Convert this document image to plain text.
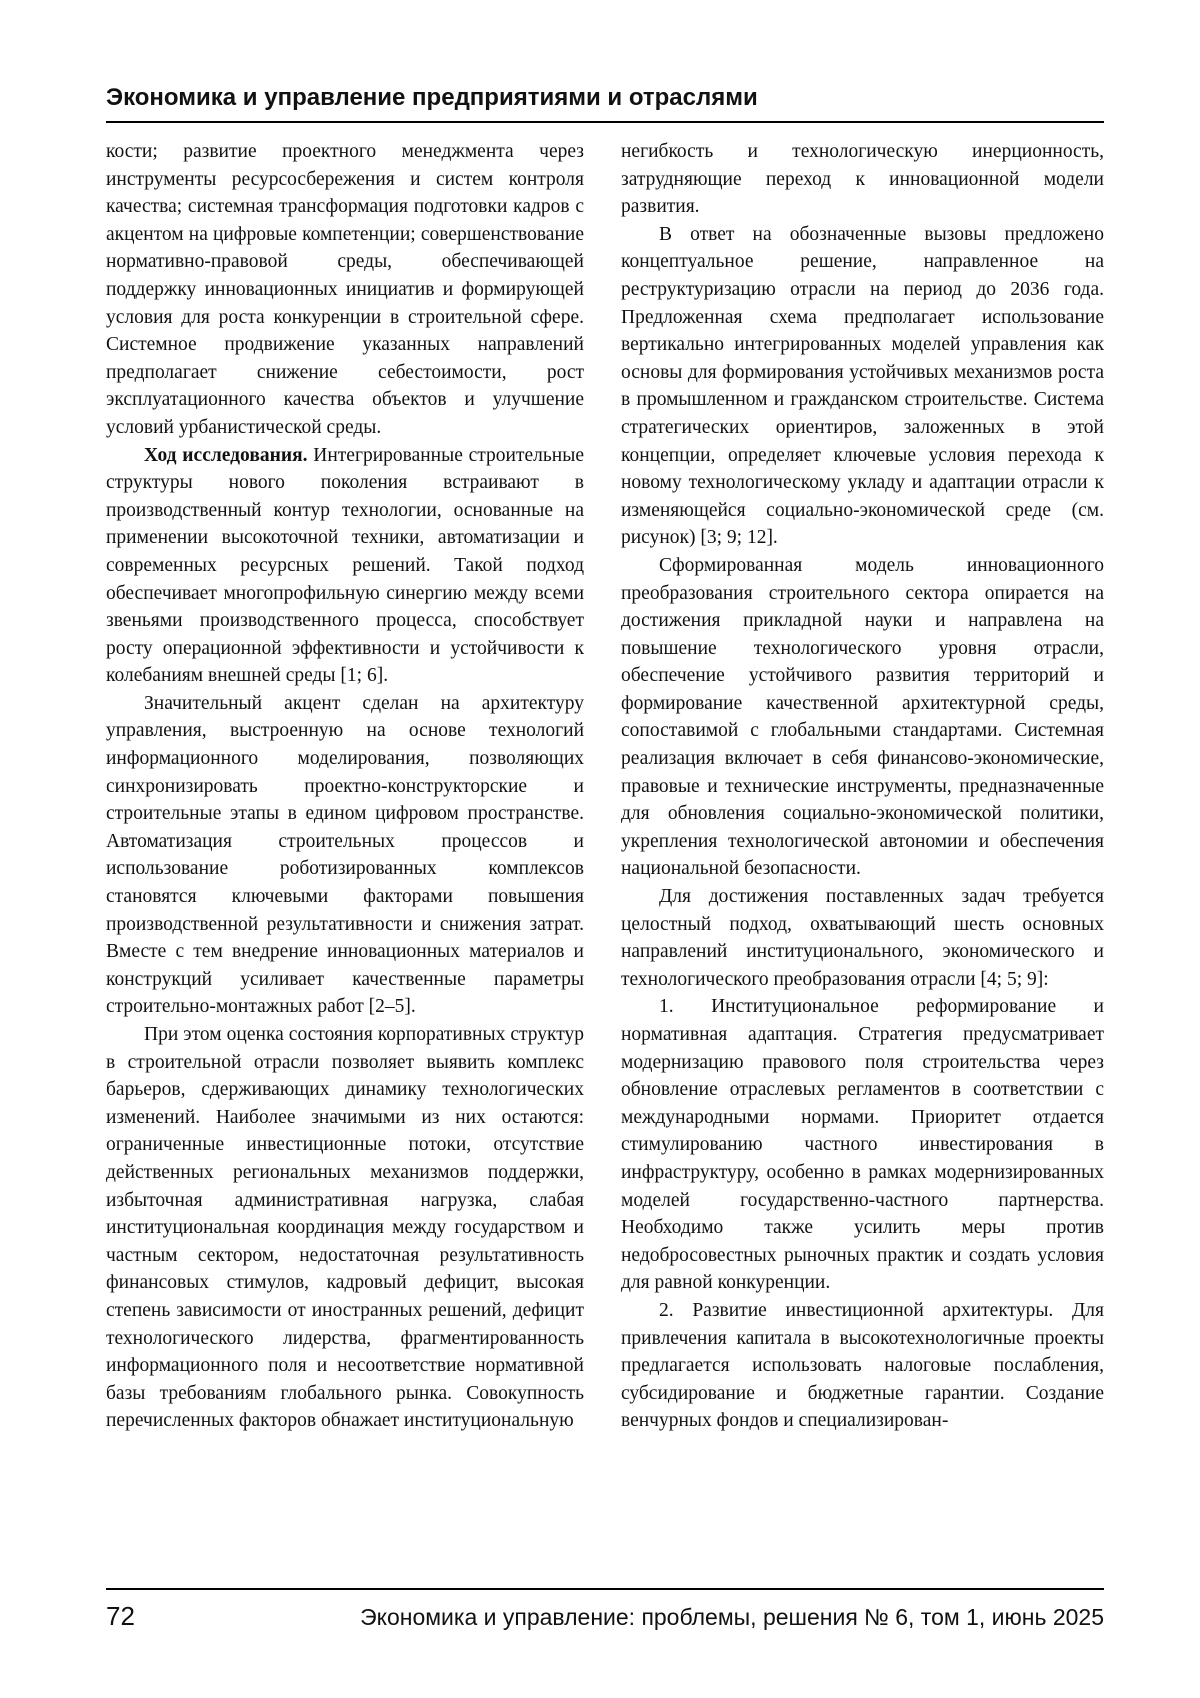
Экономика и управление предприятиями и отраслями

кости; развитие проектного менеджмента через инструменты ресурсосбережения и систем контроля качества; системная трансформация подготовки кадров с акцентом на цифровые компетенции; совершенствование нормативно-правовой среды, обеспечивающей поддержку инновационных инициатив и формирующей условия для роста конкуренции в строительной сфере. Системное продвижение указанных направлений предполагает снижение себестоимости, рост эксплуатационного качества объектов и улучшение условий урбанистической среды.

Ход исследования. Интегрированные строительные структуры нового поколения встраивают в производственный контур технологии, основанные на применении высокоточной техники, автоматизации и современных ресурсных решений. Такой подход обеспечивает многопрофильную синергию между всеми звеньями производственного процесса, способствует росту операционной эффективности и устойчивости к колебаниям внешней среды [1; 6].

Значительный акцент сделан на архитектуру управления, выстроенную на основе технологий информационного моделирования, позволяющих синхронизировать проектно-конструкторские и строительные этапы в едином цифровом пространстве. Автоматизация строительных процессов и использование роботизированных комплексов становятся ключевыми факторами повышения производственной результативности и снижения затрат. Вместе с тем внедрение инновационных материалов и конструкций усиливает качественные параметры строительно-монтажных работ [2–5].

При этом оценка состояния корпоративных структур в строительной отрасли позволяет выявить комплекс барьеров, сдерживающих динамику технологических изменений. Наиболее значимыми из них остаются: ограниченные инвестиционные потоки, отсутствие действенных региональных механизмов поддержки, избыточная административная нагрузка, слабая институциональная координация между государством и частным сектором, недостаточная результативность финансовых стимулов, кадровый дефицит, высокая степень зависимости от иностранных решений, дефицит технологического лидерства, фрагментированность информационного поля и несоответствие нормативной базы требованиям глобального рынка. Совокупность перечисленных факторов обнажает институциональную

негибкость и технологическую инерционность, затрудняющие переход к инновационной модели развития.

В ответ на обозначенные вызовы предложено концептуальное решение, направленное на реструктуризацию отрасли на период до 2036 года. Предложенная схема предполагает использование вертикально интегрированных моделей управления как основы для формирования устойчивых механизмов роста в промышленном и гражданском строительстве. Система стратегических ориентиров, заложенных в этой концепции, определяет ключевые условия перехода к новому технологическому укладу и адаптации отрасли к изменяющейся социально-экономической среде (см. рисунок) [3; 9; 12].

Сформированная модель инновационного преобразования строительного сектора опирается на достижения прикладной науки и направлена на повышение технологического уровня отрасли, обеспечение устойчивого развития территорий и формирование качественной архитектурной среды, сопоставимой с глобальными стандартами. Системная реализация включает в себя финансово-экономические, правовые и технические инструменты, предназначенные для обновления социально-экономической политики, укрепления технологической автономии и обеспечения национальной безопасности.

Для достижения поставленных задач требуется целостный подход, охватывающий шесть основных направлений институционального, экономического и технологического преобразования отрасли [4; 5; 9]:

1. Институциональное реформирование и нормативная адаптация. Стратегия предусматривает модернизацию правового поля строительства через обновление отраслевых регламентов в соответствии с международными нормами. Приоритет отдается стимулированию частного инвестирования в инфраструктуру, особенно в рамках модернизированных моделей государственно-частного партнерства. Необходимо также усилить меры против недобросовестных рыночных практик и создать условия для равной конкуренции.

2. Развитие инвестиционной архитектуры. Для привлечения капитала в высокотехнологичные проекты предлагается использовать налоговые послабления, субсидирование и бюджетные гарантии. Создание венчурных фондов и специализирован-

72	Экономика и управление: проблемы, решения № 6, том 1, июнь 2025
